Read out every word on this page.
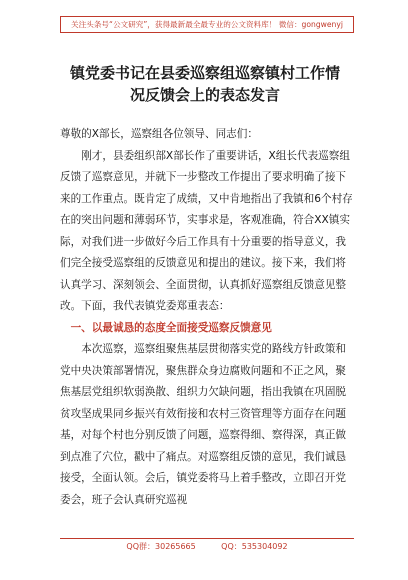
关注头条号“公文研究”，获得最新最全最专业的公文资料库！ 微信：gongwenyj
镇党委书记在县委巡察组巡察镇村工作情
况反馈会上的表态发言

尊敬的X部长，巡察组各位领导、同志们：

刚才，县委组织部X部长作了重要讲话，X组长代表巡察组反馈了巡察意见，并就下一步整改工作提出了要求明确了接下来的工作重点。既肯定了成绩，又中肯地指出了我镇和6个村存在的突出问题和薄弱环节，实事求是，客观准确，符合XX镇实际，对我们进一步做好今后工作具有十分重要的指导意义，我们完全接受巡察组的反馈意见和提出的建议。接下来，我们将认真学习、深刻领会、全面贯彻，认真抓好巡察组反馈意见整改。下面，我代表镇党委郑重表态：

一、以最诚恳的态度全面接受巡察反馈意见

本次巡察，巡察组聚焦基层贯彻落实党的路线方针政策和党中央决策部署情况，聚焦群众身边腐败问题和不正之风，聚焦基层党组织软弱涣散、组织力欠缺问题，指出我镇在巩固脱贫攻坚成果同乡振兴有效衔接和农村三资管理等方面存在问题基，对每个村也分别反馈了问题，巡察得细、察得深，真正做到点准了穴位，戳中了痛点。对巡察组反馈的意见，我们诚恳接受，全面认领。会后，镇党委将马上着手整改，立即召开党委会，班子会认真研究巡视

QQ群：30265665          QQ：535304092
